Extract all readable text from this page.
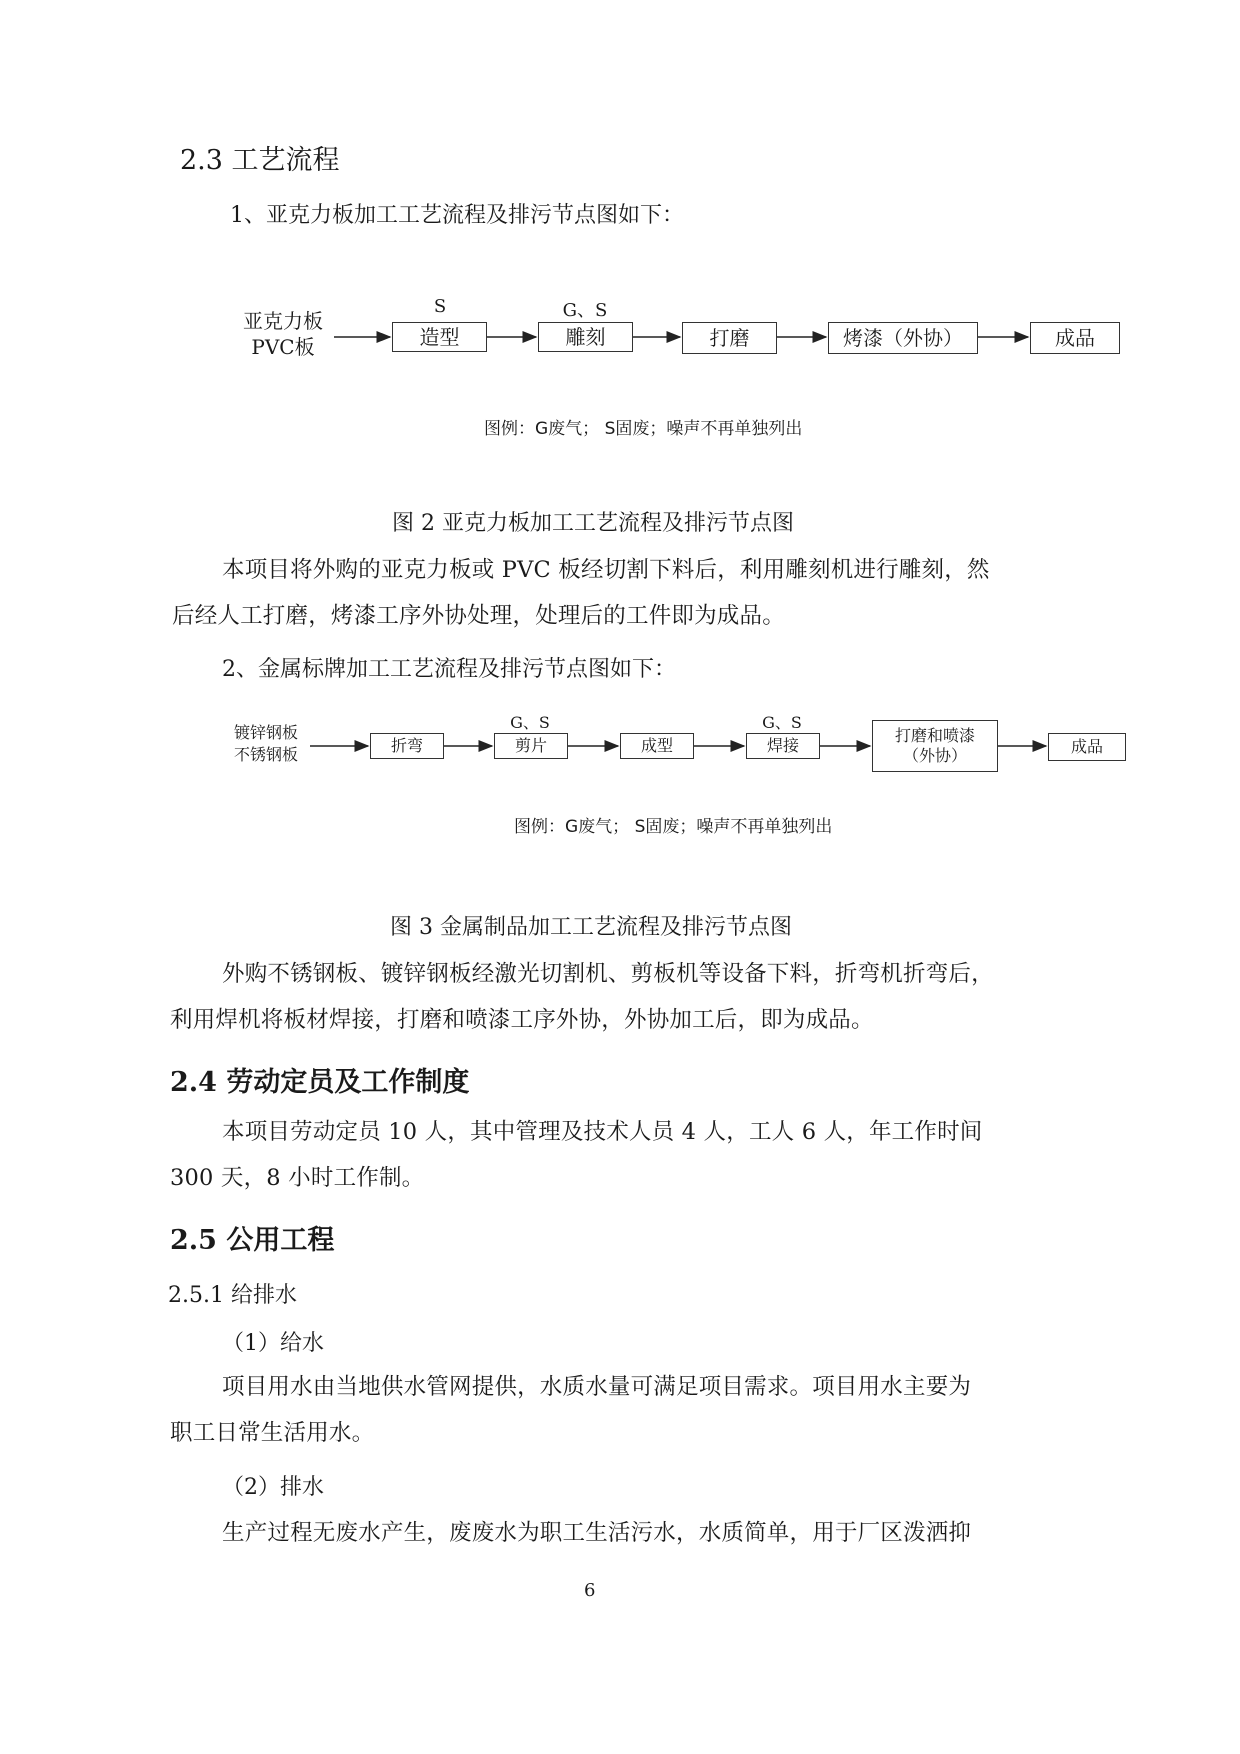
2.3 工艺流程
1、亚克力板加工工艺流程及排污节点图如下：
亚克力板
PVC板
S	G、S
造型	雕刻	打磨	烤漆（外协）	成品
图例：G废气； S固废；噪声不再单独列出
图 2 亚克力板加工工艺流程及排污节点图
本项目将外购的亚克力板或 PVC 板经切割下料后，利用雕刻机进行雕刻，然
后经人工打磨，烤漆工序外协处理，处理后的工件即为成品。
2、金属标牌加工工艺流程及排污节点图如下：
镀锌钢板
不锈钢板
G、S	G、S
折弯	剪片	成型	焊接
打磨和喷漆
（外协）	成品
图例：G废气； S固废；噪声不再单独列出
图 3 金属制品加工工艺流程及排污节点图
外购不锈钢板、镀锌钢板经激光切割机、剪板机等设备下料，折弯机折弯后，
利用焊机将板材焊接，打磨和喷漆工序外协，外协加工后，即为成品。
2.4 劳动定员及工作制度
本项目劳动定员 10 人，其中管理及技术人员 4 人，工人 6 人，年工作时间
300 天，8 小时工作制。
2.5 公用工程
2.5.1 给排水
（1）给水
项目用水由当地供水管网提供，水质水量可满足项目需求。项目用水主要为
职工日常生活用水。
（2）排水
生产过程无废水产生，废废水为职工生活污水，水质简单，用于厂区泼洒抑
6
